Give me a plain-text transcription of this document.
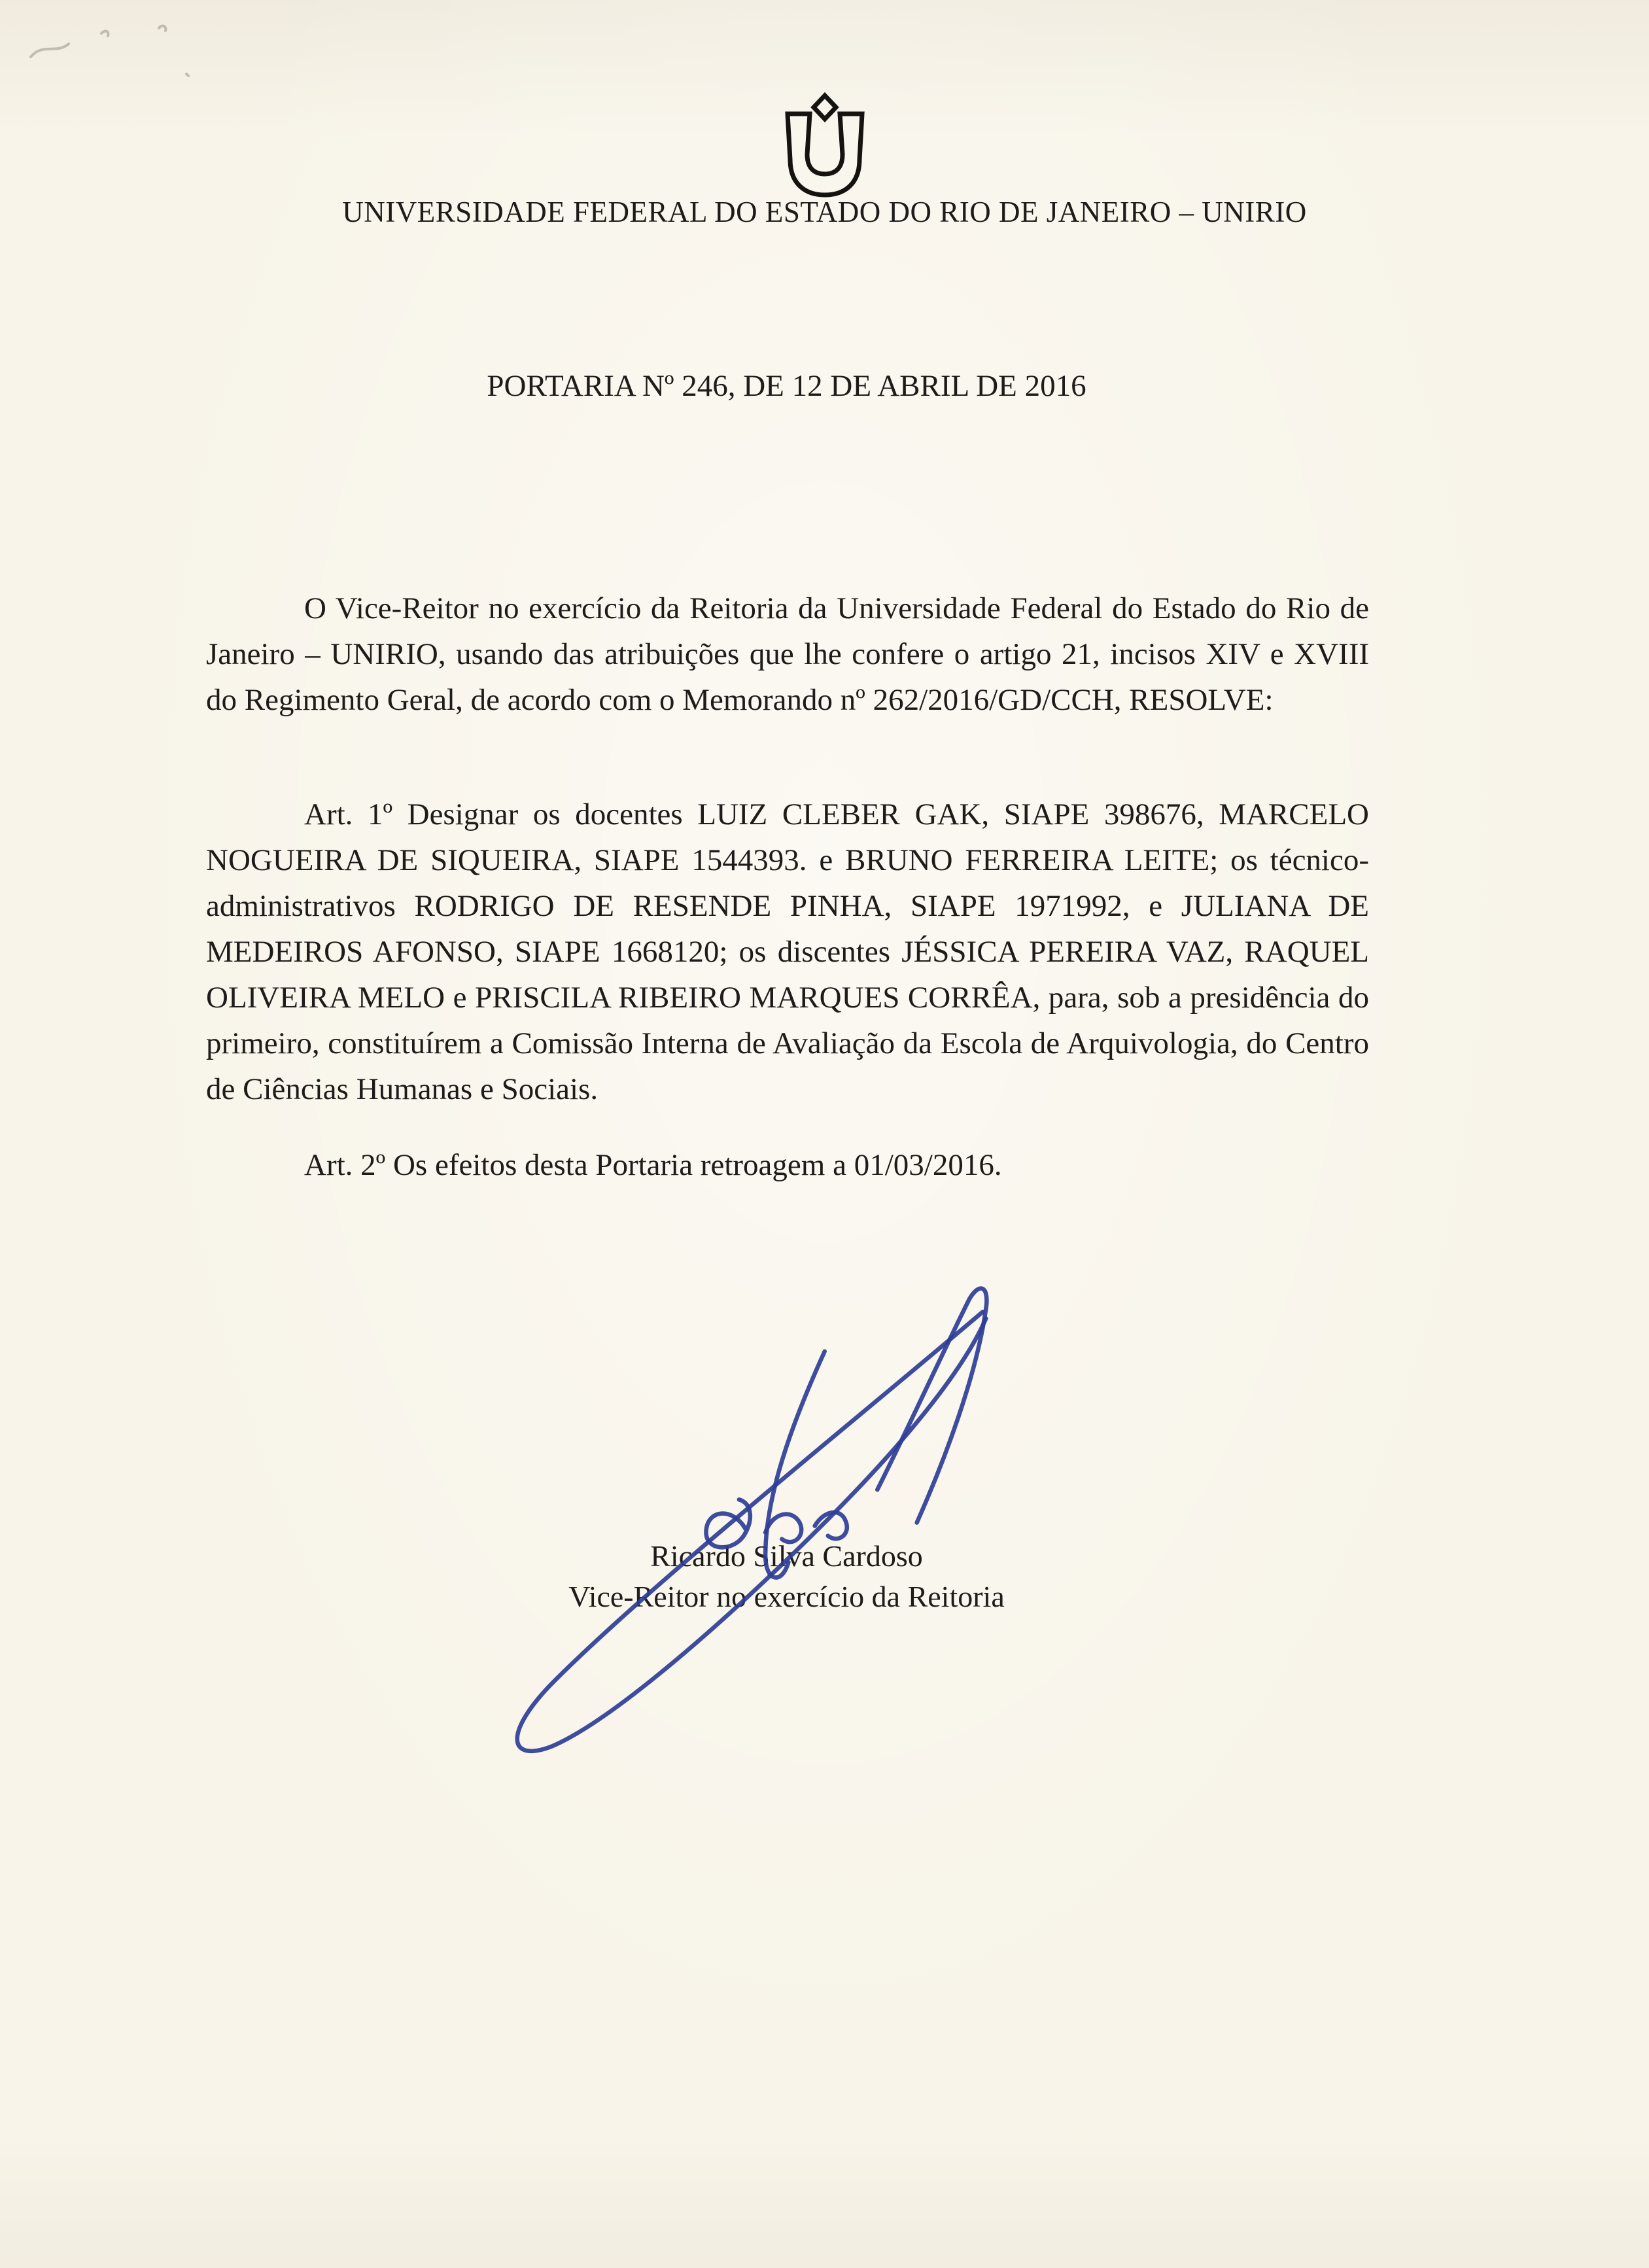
UNIVERSIDADE FEDERAL DO ESTADO DO RIO DE JANEIRO – UNIRIO
PORTARIA Nº 246, DE 12 DE ABRIL DE 2016

O Vice-Reitor no exercício da Reitoria da Universidade Federal do Estado do Rio de Janeiro – UNIRIO, usando das atribuições que lhe confere o artigo 21, incisos XIV e XVIII do Regimento Geral, de acordo com o Memorando nº 262/2016/GD/CCH, RESOLVE:

Art. 1º Designar os docentes LUIZ CLEBER GAK, SIAPE 398676, MARCELO NOGUEIRA DE SIQUEIRA, SIAPE 1544393. e BRUNO FERREIRA LEITE; os técnico-administrativos RODRIGO DE RESENDE PINHA, SIAPE 1971992, e JULIANA DE MEDEIROS AFONSO, SIAPE 1668120; os discentes JÉSSICA PEREIRA VAZ, RAQUEL OLIVEIRA MELO e PRISCILA RIBEIRO MARQUES CORRÊA, para, sob a presidência do primeiro, constituírem a Comissão Interna de Avaliação da Escola de Arquivologia, do Centro de Ciências Humanas e Sociais.

Art. 2º Os efeitos desta Portaria retroagem a 01/03/2016.

Ricardo Silva Cardoso
Vice-Reitor no exercício da Reitoria
